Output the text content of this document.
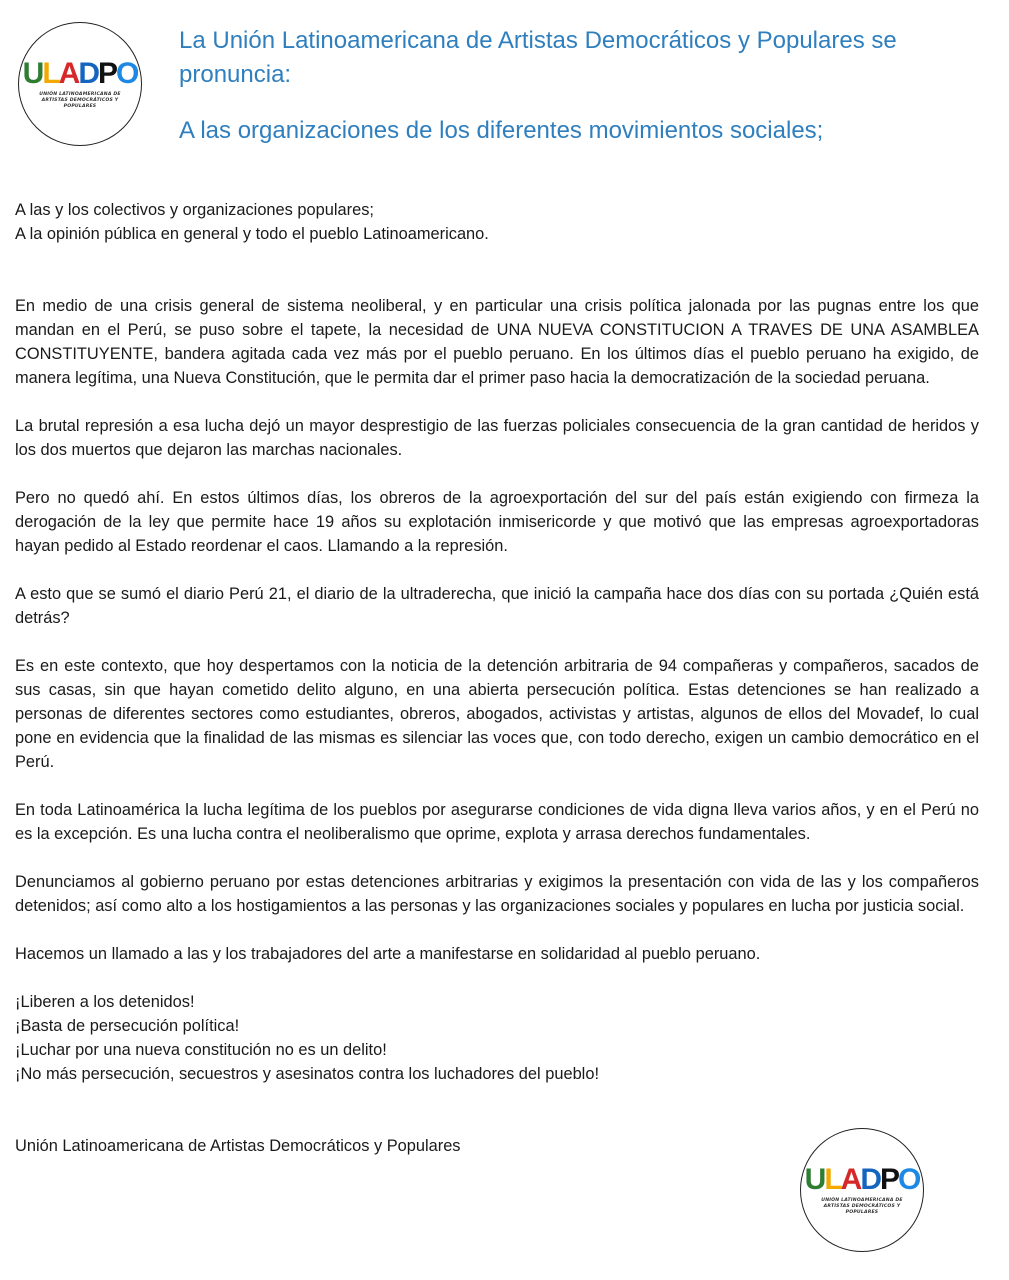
ULADPO
UNIÓN LATINOAMERICANA DE ARTISTAS DEMOCRÁTICOS Y POPULARES
La Unión Latinoamericana de Artistas Democráticos y Populares se pronuncia:
A las organizaciones de los diferentes movimientos sociales;

A las y los colectivos y organizaciones populares;
A la opinión pública en general y todo el pueblo Latinoamericano.

En medio de una crisis general de sistema neoliberal, y en particular una crisis política jalonada por las pugnas entre los que mandan en el Perú, se puso sobre el tapete, la necesidad de UNA NUEVA CONSTITUCION A TRAVES DE UNA ASAMBLEA CONSTITUYENTE, bandera agitada cada vez más por el pueblo peruano. En los últimos días el pueblo peruano ha exigido, de manera legítima, una Nueva Constitución, que le permita dar el primer paso hacia la democratización de la sociedad peruana.

La brutal represión a esa lucha dejó un mayor desprestigio de las fuerzas policiales consecuencia de la gran cantidad de heridos y los dos muertos que dejaron las marchas nacionales.

Pero no quedó ahí. En estos últimos días, los obreros de la agroexportación del sur del país están exigiendo con firmeza la derogación de la ley que permite hace 19 años su explotación inmisericorde y que motivó que las empresas agroexportadoras hayan pedido al Estado reordenar el caos. Llamando a la represión.

A esto que se sumó el diario Perú 21, el diario de la ultraderecha, que inició la campaña hace dos días con su portada ¿Quién está detrás?

Es en este contexto, que hoy despertamos con la noticia de la detención arbitraria de 94 compañeras y compañeros, sacados de sus casas, sin que hayan cometido delito alguno, en una abierta persecución política. Estas detenciones se han realizado a personas de diferentes sectores como estudiantes, obreros, abogados, activistas y artistas, algunos de ellos del Movadef, lo cual pone en evidencia que la finalidad de las mismas es silenciar las voces que, con todo derecho, exigen un cambio democrático en el Perú.

En toda Latinoamérica la lucha legítima de los pueblos por asegurarse condiciones de vida digna lleva varios años, y en el Perú no es la excepción. Es una lucha contra el neoliberalismo que oprime, explota y arrasa derechos fundamentales.

Denunciamos al gobierno peruano por estas detenciones arbitrarias y exigimos la presentación con vida de las y los compañeros detenidos; así como alto a los hostigamientos a las personas y las organizaciones sociales y populares en lucha por justicia social.

Hacemos un llamado a las y los trabajadores del arte a manifestarse en solidaridad al pueblo peruano.

¡Liberen a los detenidos!
¡Basta de persecución política!
¡Luchar por una nueva constitución no es un delito!
¡No más persecución, secuestros y asesinatos contra los luchadores del pueblo!

Unión Latinoamericana de Artistas Democráticos y Populares

ULADPO
UNIÓN LATINOAMERICANA DE ARTISTAS DEMOCRÁTICOS Y POPULARES
